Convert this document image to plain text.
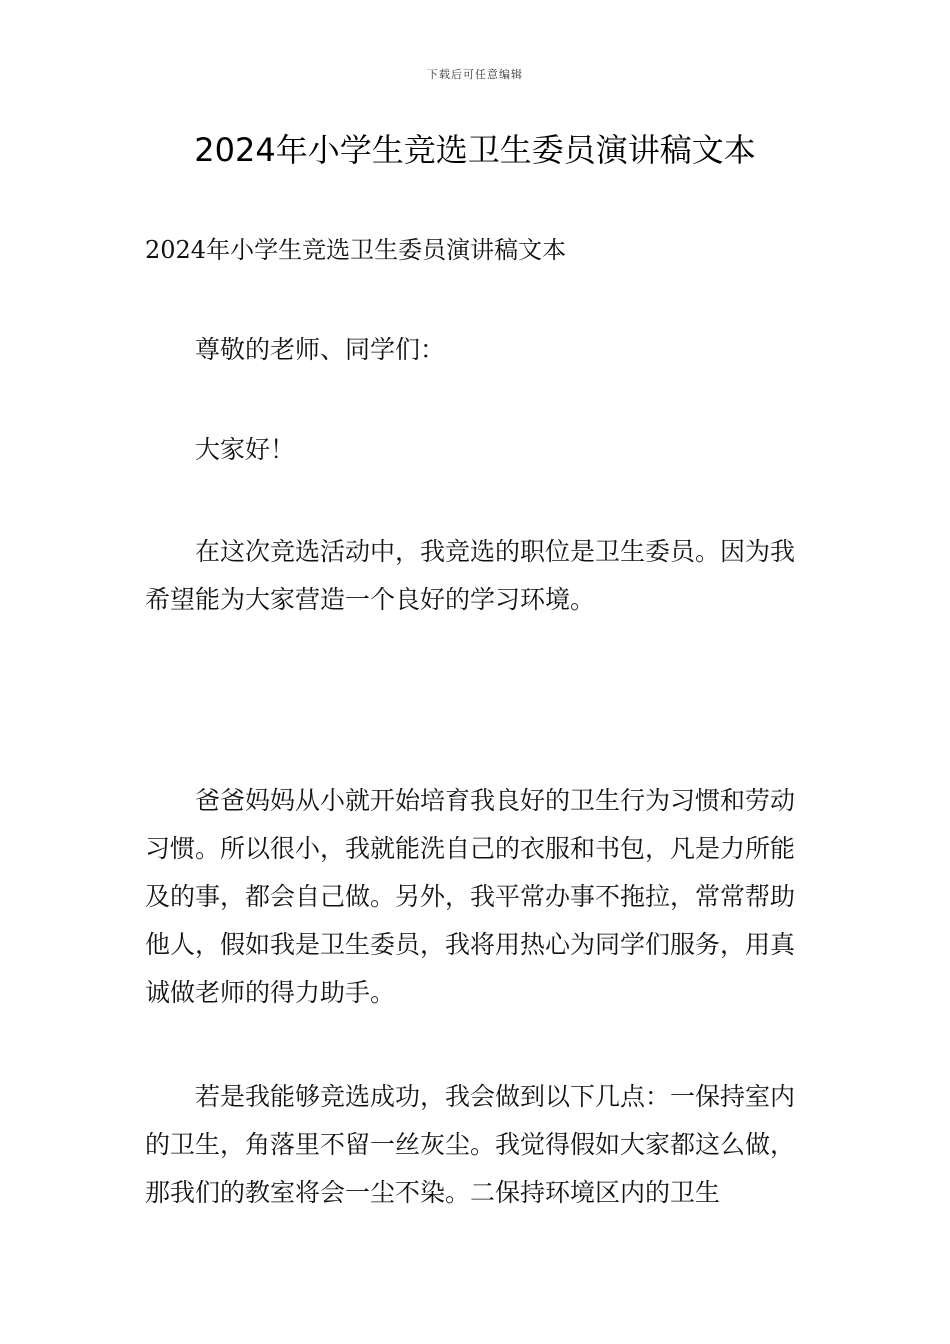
下载后可任意编辑
2024年小学生竞选卫生委员演讲稿文本

2024年小学生竞选卫生委员演讲稿文本

尊敬的老师、同学们：

大家好！

在这次竞选活动中，我竞选的职位是卫生委员。因为我希望能为大家营造一个良好的学习环境。

爸爸妈妈从小就开始培育我良好的卫生行为习惯和劳动习惯。所以很小，我就能洗自己的衣服和书包，凡是力所能及的事，都会自己做。另外，我平常办事不拖拉，常常帮助他人，假如我是卫生委员，我将用热心为同学们服务，用真诚做老师的得力助手。

若是我能够竞选成功，我会做到以下几点：一保持室内的卫生，角落里不留一丝灰尘。我觉得假如大家都这么做，那我们的教室将会一尘不染。二保持环境区内的卫生
